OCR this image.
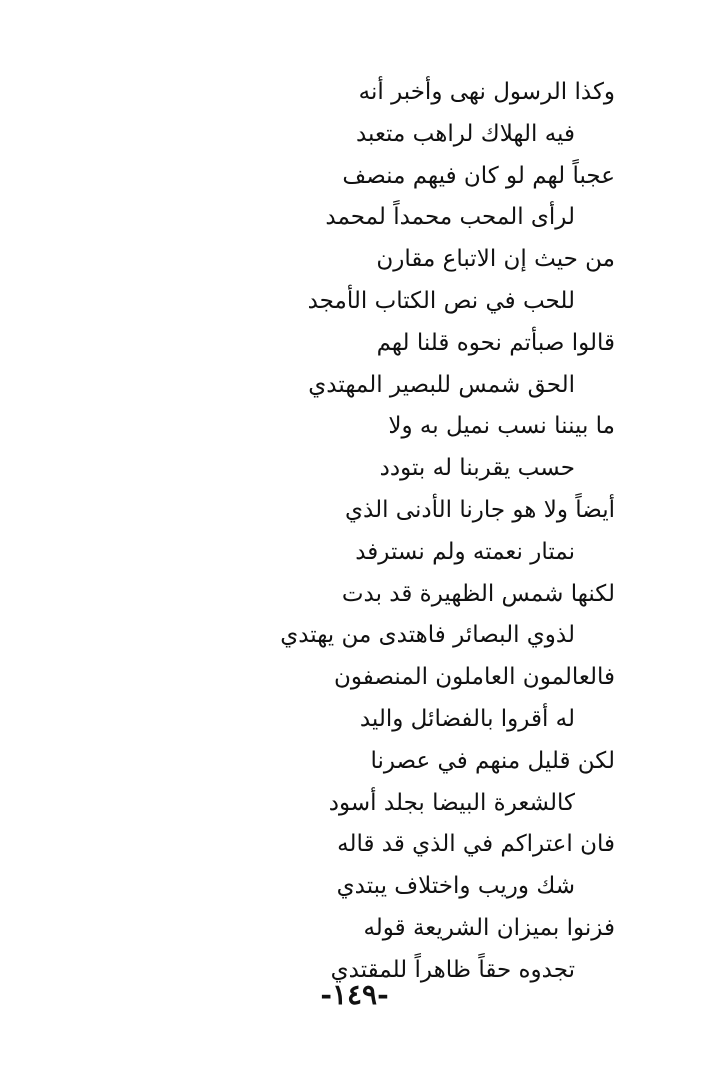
وكذا الرسول نهى وأخبر أنه
فيه الهلاك لراهب متعبد
عجباً لهم لو كان فيهم منصف
لرأى المحب محمداً لمحمد
من حيث إن الاتباع مقارن
للحب في نص الكتاب الأمجد
قالوا صبأتم نحوه قلنا لهم
الحق شمس للبصير المهتدي
ما بيننا نسب نميل به ولا
حسب يقربنا له بتودد
أيضاً ولا هو جارنا الأدنى الذي
نمتار نعمته ولم نسترفد
لكنها شمس الظهيرة قد بدت
لذوي البصائر فاهتدى من يهتدي
فالعالمون العاملون المنصفون
له أقروا بالفضائل واليد
لكن قليل منهم في عصرنا
كالشعرة البيضا بجلد أسود
فان اعتراكم في الذي قد قاله
شك وريب واختلاف يبتدي
فزنوا بميزان الشريعة قوله
تجدوه حقاً ظاهراً للمقتدي
-١٤٩-
